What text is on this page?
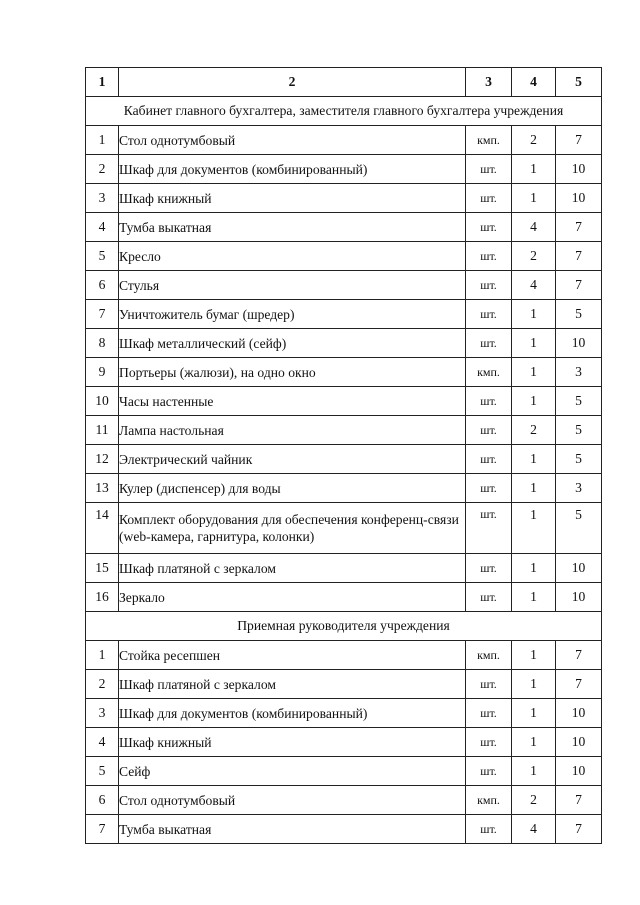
1	2	3	4	5
Кабинет главного бухгалтера, заместителя главного бухгалтера учреждения				
1	Стол однотумбовый	кмп.	2	7
2	Шкаф для документов (комбинированный)	шт.	1	10
3	Шкаф книжный	шт.	1	10
4	Тумба выкатная	шт.	4	7
5	Кресло	шт.	2	7
6	Стулья	шт.	4	7
7	Уничтожитель бумаг (шредер)	шт.	1	5
8	Шкаф металлический (сейф)	шт.	1	10
9	Портьеры (жалюзи), на одно окно	кмп.	1	3
10	Часы настенные	шт.	1	5
11	Лампа настольная	шт.	2	5
12	Электрический чайник	шт.	1	5
13	Кулер (диспенсер) для воды	шт.	1	3
14	Комплект оборудования для обеспечения конференц-связи (web-камера, гарнитура, колонки)	шт.	1	5
15	Шкаф платяной с зеркалом	шт.	1	10
16	Зеркало	шт.	1	10
Приемная руководителя учреждения				
1	Стойка ресепшен	кмп.	1	7
2	Шкаф платяной с зеркалом	шт.	1	7
3	Шкаф для документов (комбинированный)	шт.	1	10
4	Шкаф книжный	шт.	1	10
5	Сейф	шт.	1	10
6	Стол однотумбовый	кмп.	2	7
7	Тумба выкатная	шт.	4	7
